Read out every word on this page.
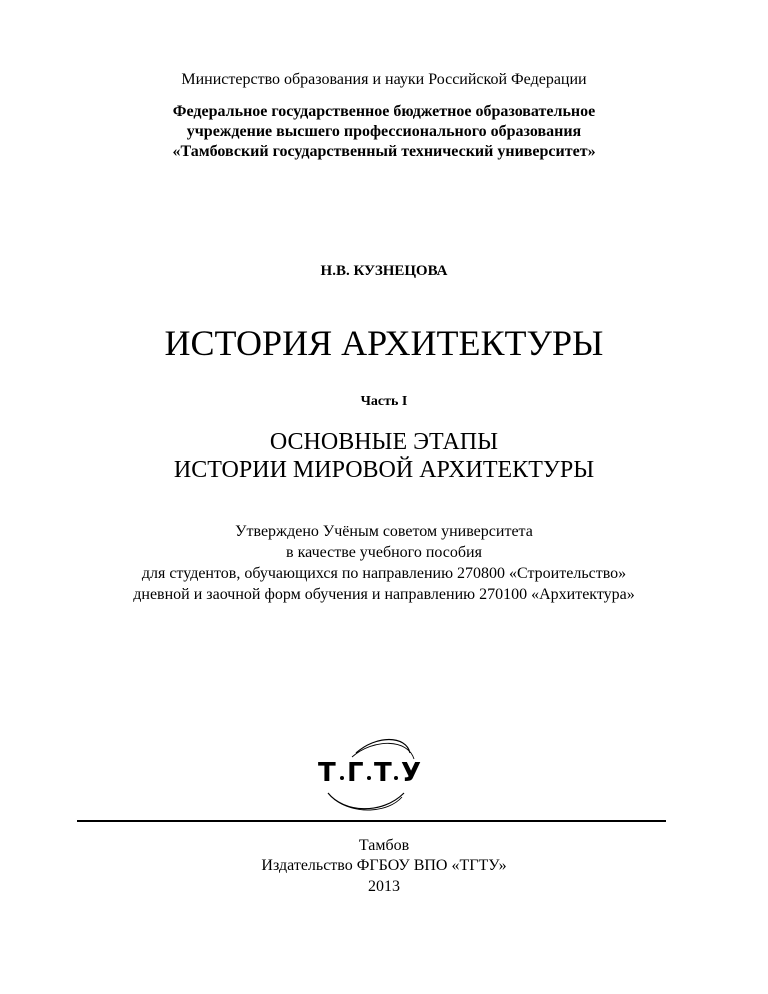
Министерство образования и науки Российской Федерации
Федеральное государственное бюджетное образовательное
учреждение высшего профессионального образования
«Тамбовский государственный технический университет»
Н.В. КУЗНЕЦОВА
ИСТОРИЯ АРХИТЕКТУРЫ
Часть I
ОСНОВНЫЕ ЭТАПЫ
ИСТОРИИ МИРОВОЙ АРХИТЕКТУРЫ
Утверждено Учёным советом университета
в качестве учебного пособия
для студентов, обучающихся по направлению 270800 «Строительство»
дневной и заочной форм обучения и направлению 270100 «Архитектура»
Т Г Т У
Тамбов
Издательство ФГБОУ ВПО «ТГТУ»
2013
